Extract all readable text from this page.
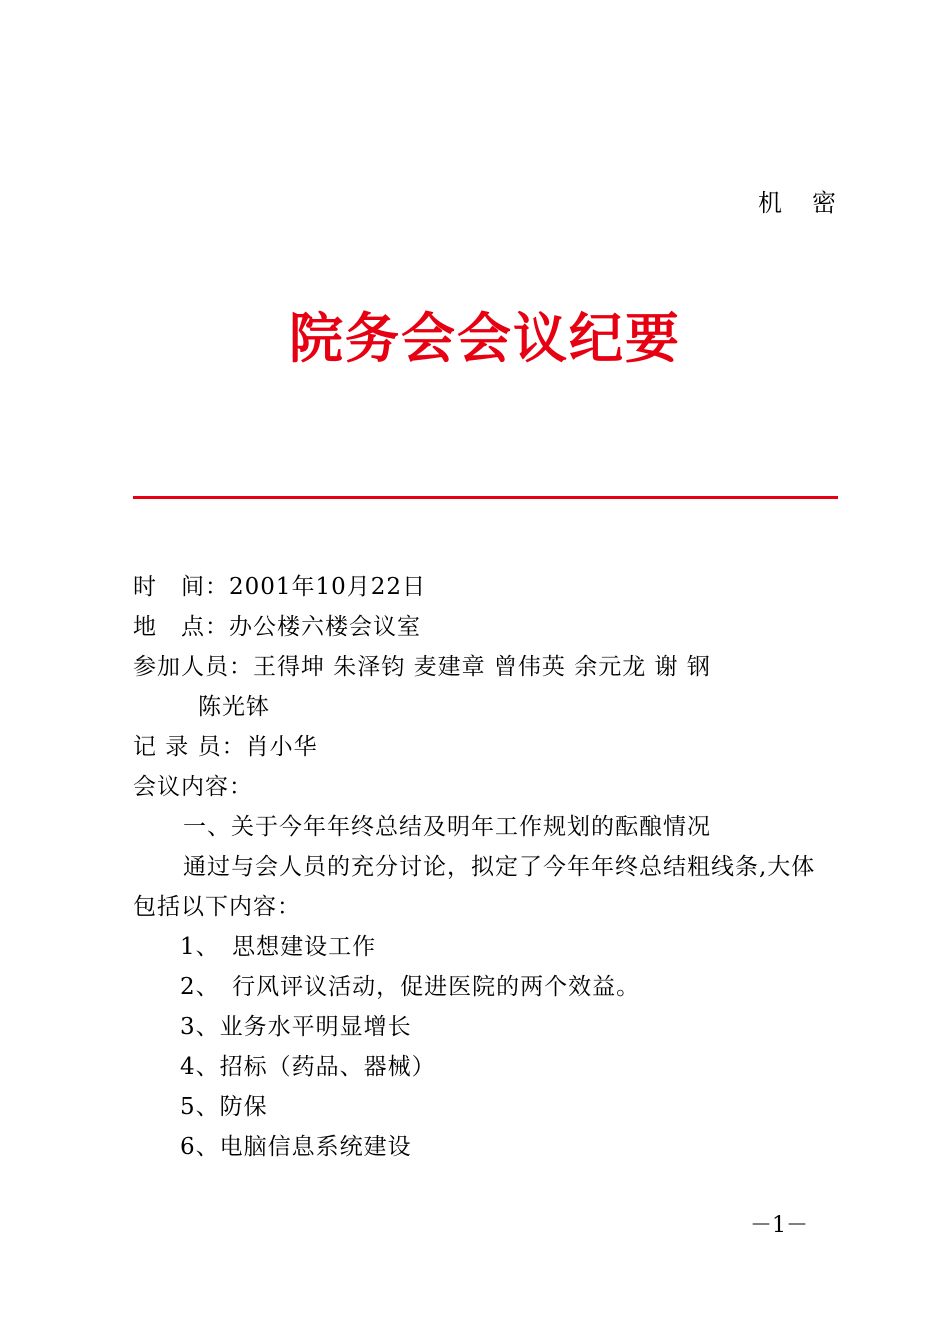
机　密
院务会会议纪要
时　间：2001年10月22日
地　点：办公楼六楼会议室
参加人员：王得坤 朱泽钧 麦建章 曾伟英 余元龙 谢 钢
陈光钵
记 录 员：肖小华
会议内容：
一、关于今年年终总结及明年工作规划的酝酿情况
通过与会人员的充分讨论，拟定了今年年终总结粗线条,大体
包括以下内容：
1、　思想建设工作
2、　行风评议活动，促进医院的两个效益。
3、业务水平明显增长
4、招标（药品、器械）
5、防保
6、电脑信息系统建设
－1－
